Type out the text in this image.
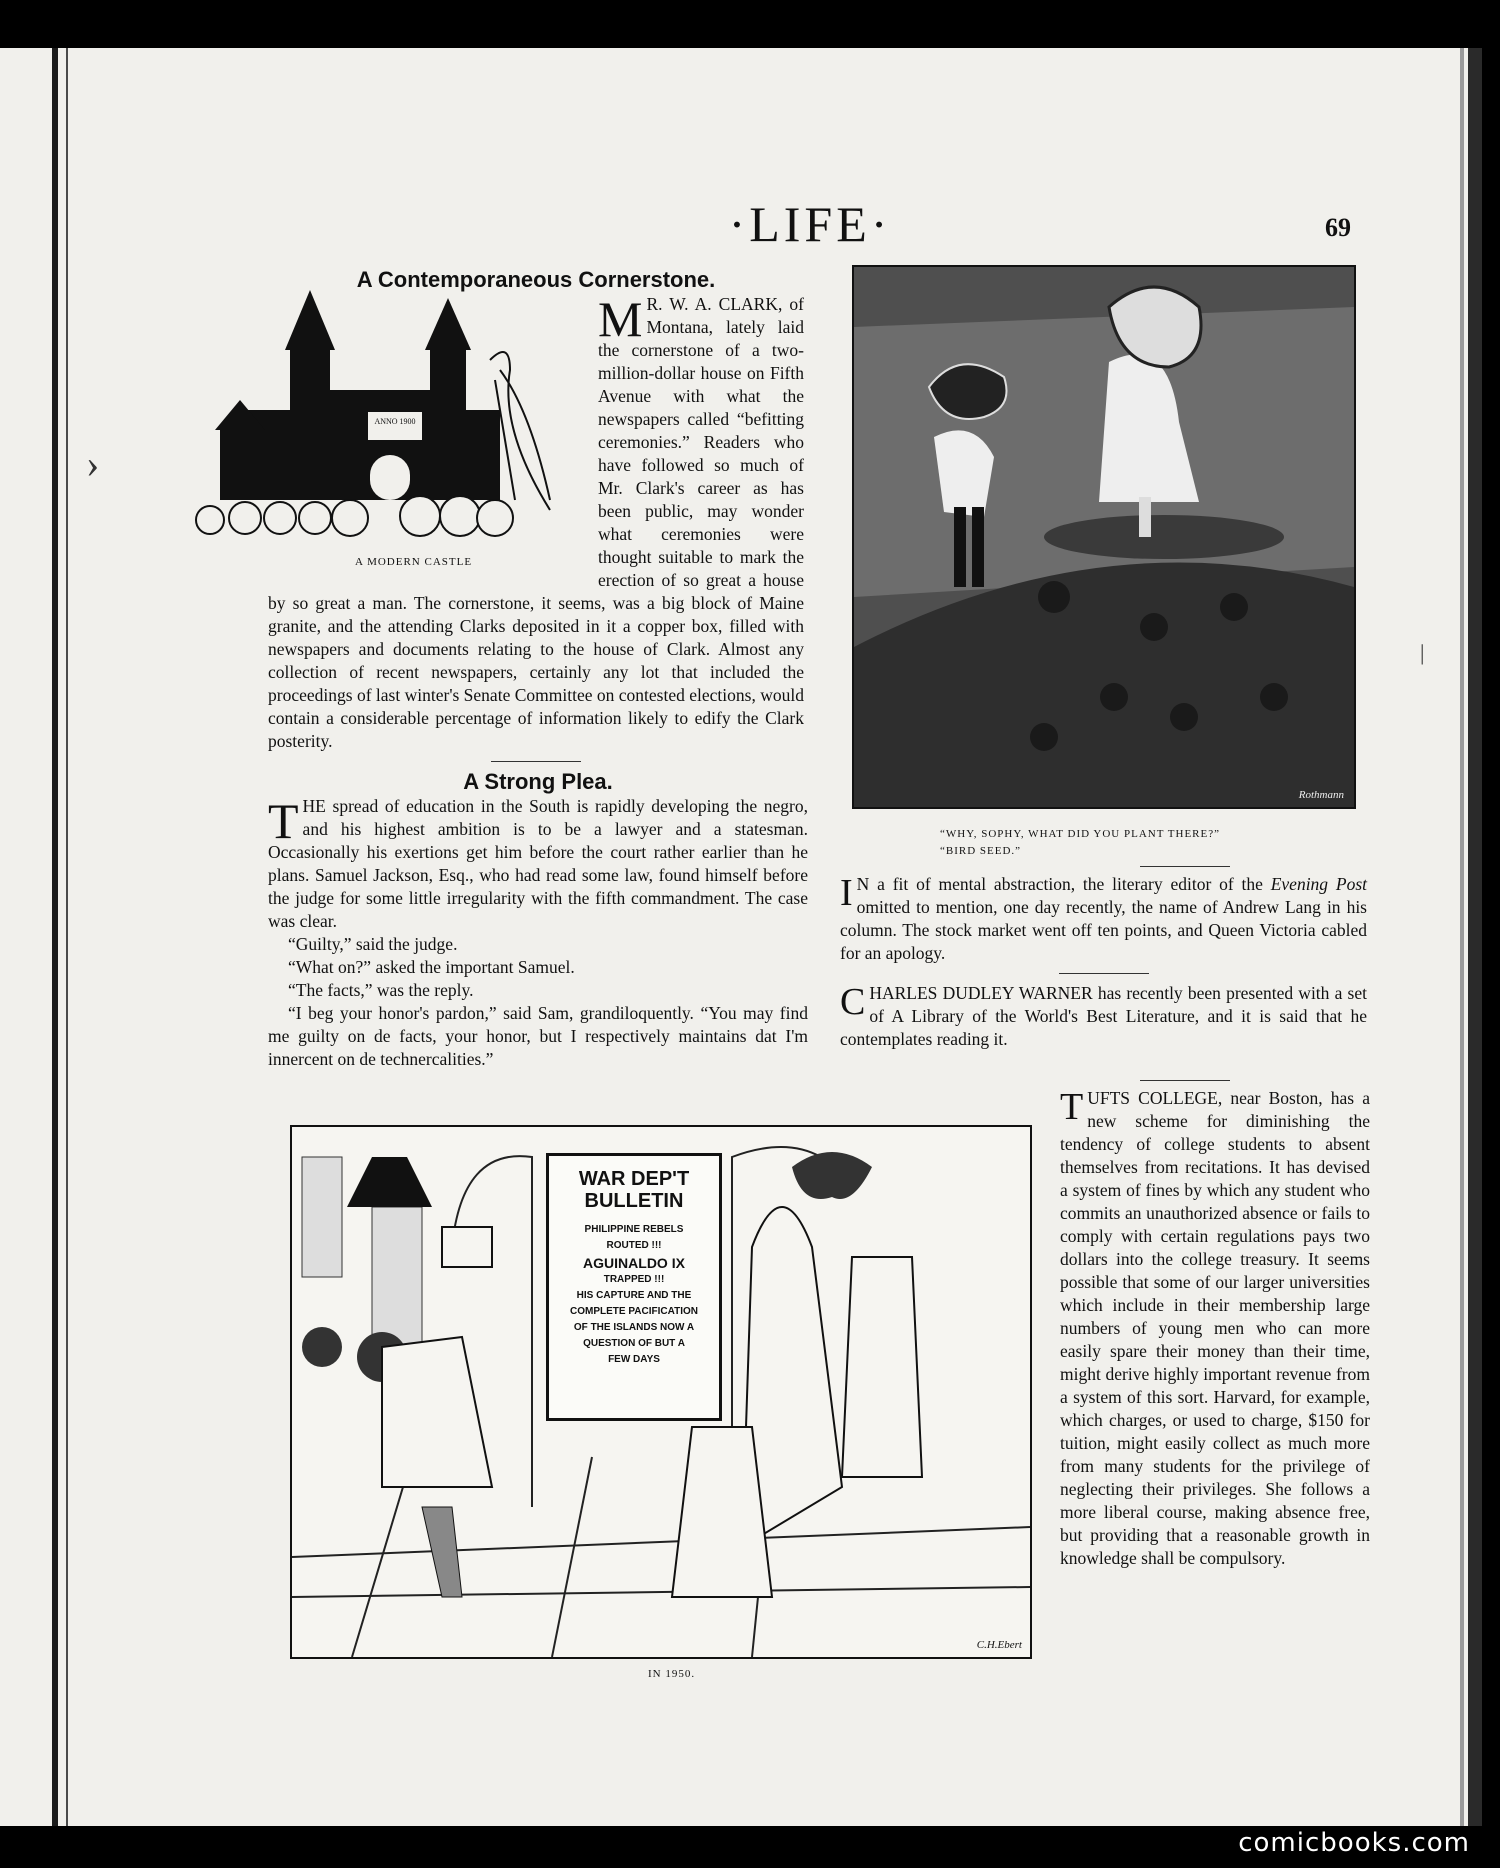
›
|
·LIFE·	69
A Contemporaneous Cornerstone.

M R. W. A. CLARK, of Montana, lately laid the cornerstone of a two-million-dollar house on Fifth Avenue with what the newspapers called “befitting ceremonies.” Readers who have followed so much of Mr. Clark's career as has been public, may wonder what ceremonies were thought suitable to mark the erection of so great a house by so great a man. The cornerstone, it seems, was a big block of Maine granite, and the attending Clarks deposited in it a copper box, filled with newspapers and documents relating to the house of Clark. Almost any collection of recent newspapers, certainly any lot that included the proceedings of last winter's Senate Committee on contested elections, would contain a considerable percentage of information likely to edify the Clark posterity.

ANNO 1900
A MODERN CASTLE
A Strong Plea.

THE spread of education in the South is rapidly developing the negro, and his highest ambition is to be a lawyer and a statesman. Occasionally his exertions get him before the court rather earlier than he plans. Samuel Jackson, Esq., who had read some law, found himself before the judge for some little irregularity with the fifth commandment. The case was clear.

“Guilty,” said the judge.

“What on?” asked the important Samuel.

“The facts,” was the reply.

“I beg your honor's pardon,” said Sam, grandiloquently. “You may find me guilty on de facts, your honor, but I respectively maintains dat I'm innercent on de technercalities.”

Rothmann
“WHY, SOPHY, WHAT DID YOU PLANT THERE?”
“BIRD SEED.”

I N a fit of mental abstraction, the literary editor of the Evening Post omitted to mention, one day recently, the name of Andrew Lang in his column. The stock market went off ten points, and Queen Victoria cabled for an apology.

CHARLES DUDLEY WARNER has recently been presented with a set of A Library of the World's Best Literature, and it is said that he contemplates reading it.

TUFTS COLLEGE, near Boston, has a new scheme for diminishing the tendency of college students to absent themselves from recitations. It has devised a system of fines by which any student who commits an unauthorized absence or fails to comply with certain regulations pays two dollars into the college treasury. It seems possible that some of our larger universities which include in their membership large numbers of young men who can more easily spare their money than their time, might derive highly important revenue from a system of this sort. Harvard, for example, which charges, or used to charge, $150 for tuition, might easily collect as much more from many students for the privilege of neglecting their privileges. She follows a more liberal course, making absence free, but providing that a reasonable growth in knowledge shall be compulsory.

WAR DEP'T
BULLETIN
PHILIPPINE REBELS
ROUTED !!!
AGUINALDO IX
TRAPPED !!!
HIS CAPTURE AND THE
COMPLETE PACIFICATION
OF THE ISLANDS NOW A
QUESTION OF BUT A
FEW DAYS
C.H.Ebert
IN 1950.
comicbooks.com
